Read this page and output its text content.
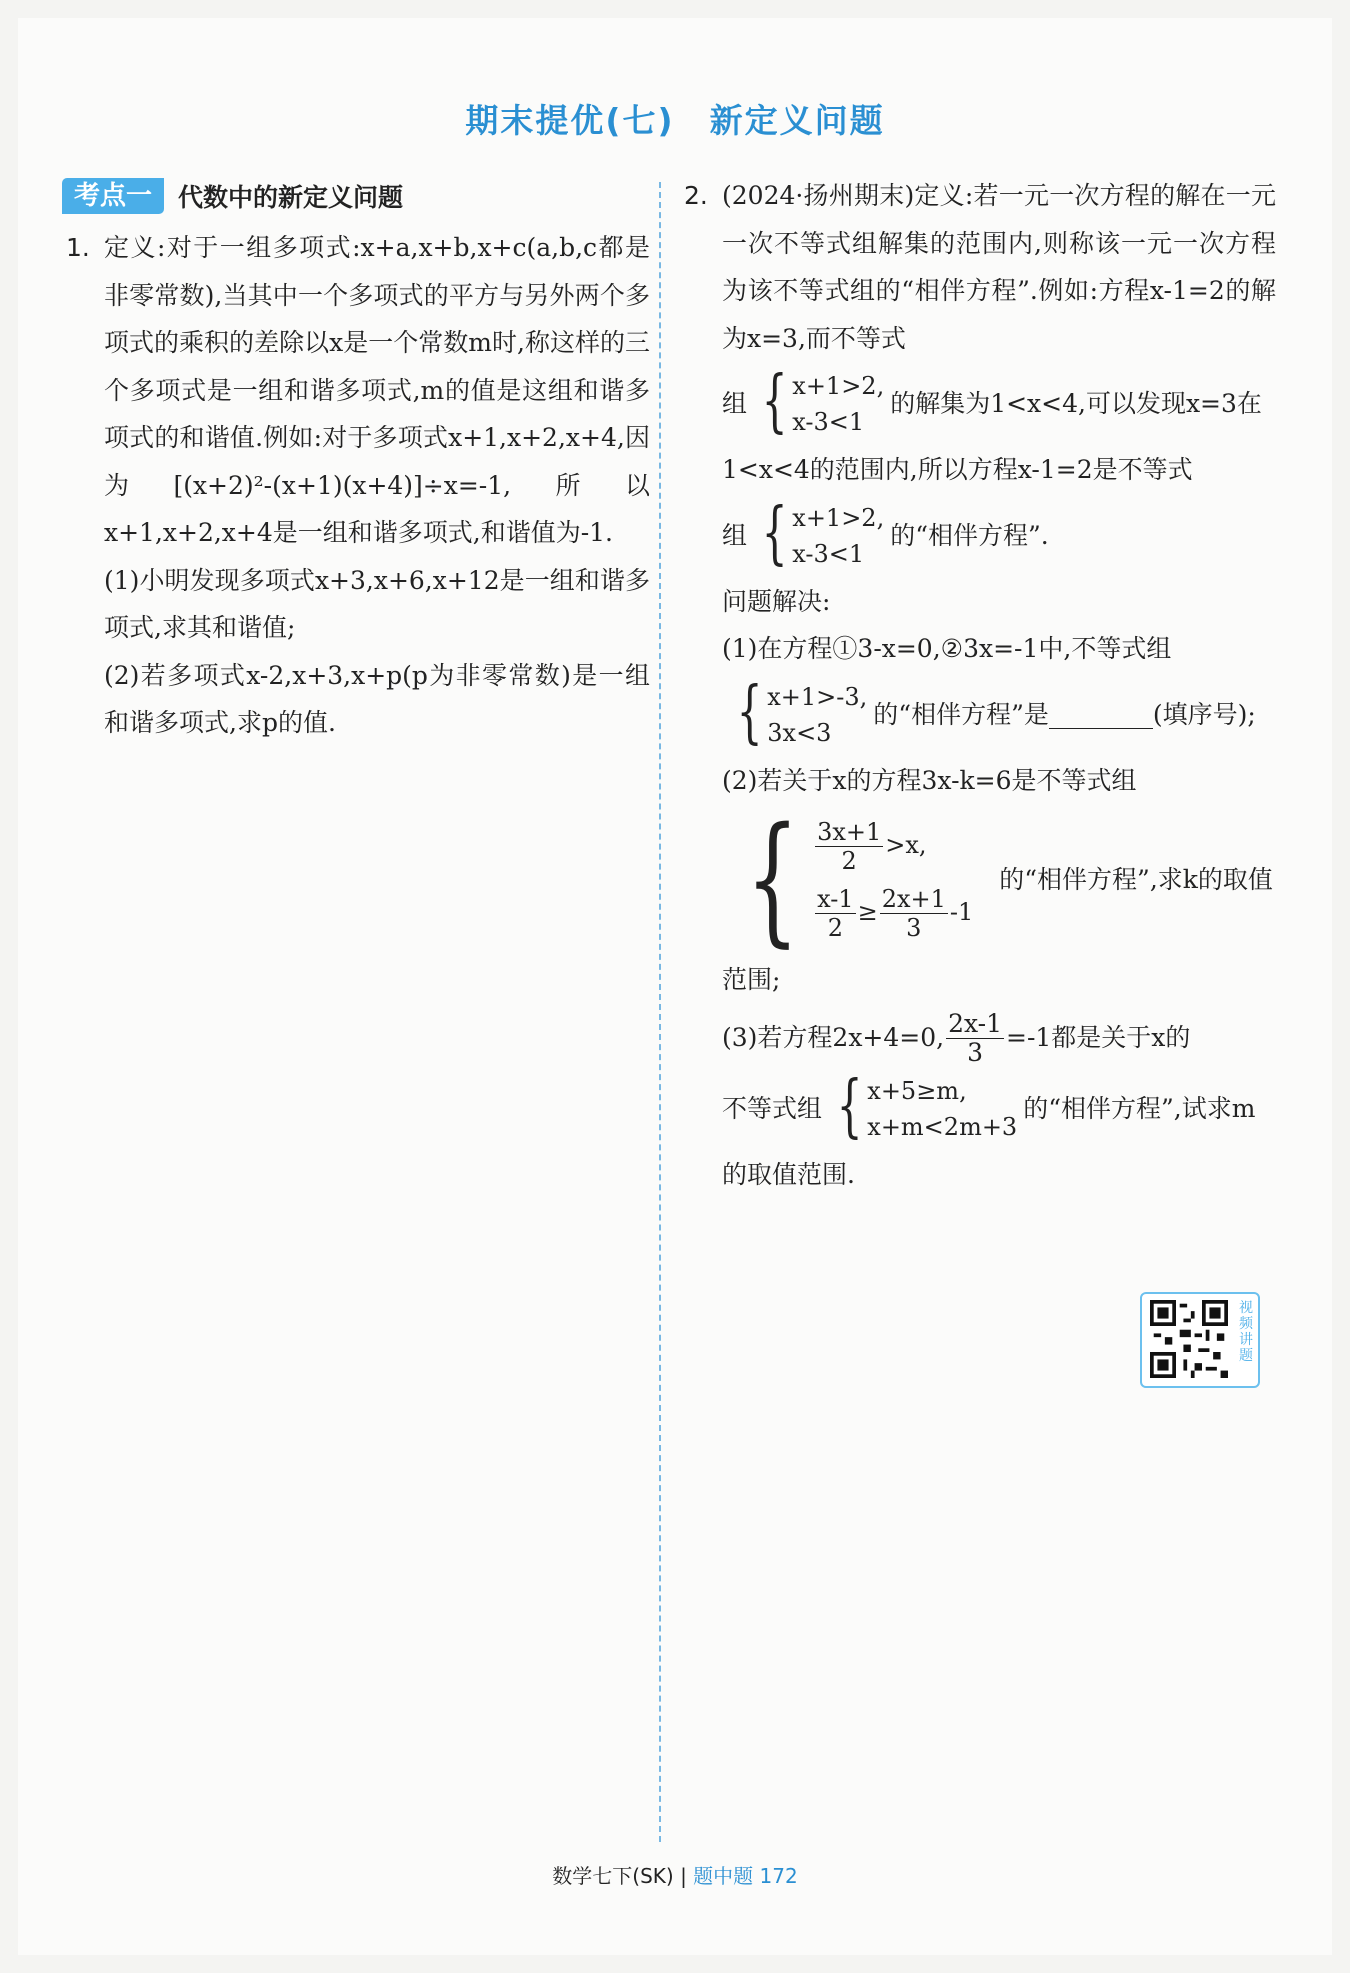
期末提优(七)　新定义问题
考点一	代数中的新定义问题
1. 定义:对于一组多项式:x+a,x+b,x+c(a,b,c都是非零常数),当其中一个多项式的平方与另外两个多项式的乘积的差除以x是一个常数m时,称这样的三个多项式是一组和谐多项式,m的值是这组和谐多项式的和谐值.例如:对于多项式x+1,x+2,x+4,因为[(x+2)²-(x+1)(x+4)]÷x=-1,所以x+1,x+2,x+4是一组和谐多项式,和谐值为-1.

(1)小明发现多项式x+3,x+6,x+12是一组和谐多项式,求其和谐值;

(2)若多项式x-2,x+3,x+p(p为非零常数)是一组和谐多项式,求p的值.

2. (2024·扬州期末)定义:若一元一次方程的解在一元一次不等式组解集的范围内,则称该一元一次方程为该不等式组的“相伴方程”.例如:方程x-1=2的解为x=3,而不等式

组 { x+1>2,
x-3<1
的解集为1<x<4,可以发现x=3在

1<x<4的范围内,所以方程x-1=2是不等式

组 { x+1>2,
x-3<1
的“相伴方程”.

问题解决:

(1)在方程①3-x=0,②3x=-1中,不等式组

{ x+1>-3,
3x<3
的“相伴方程”是	(填序号);

(2)若关于x的方程3x-k=6是不等式组

{ $\frac{3x+1}{2} >x$,
$\frac{x-1}{2} \ge \frac{2x+1}{3} -1$
的“相伴方程”,求k的取值

范围;

(3)若方程2x+4=0, $\frac{2x-1}{3} =-1$都是关于x的
不等式组 { x+5≥m,
x+m<2m+3
的“相伴方程”,试求m

的取值范围.

视频讲题
数学七下(SK) | 题中题 172
